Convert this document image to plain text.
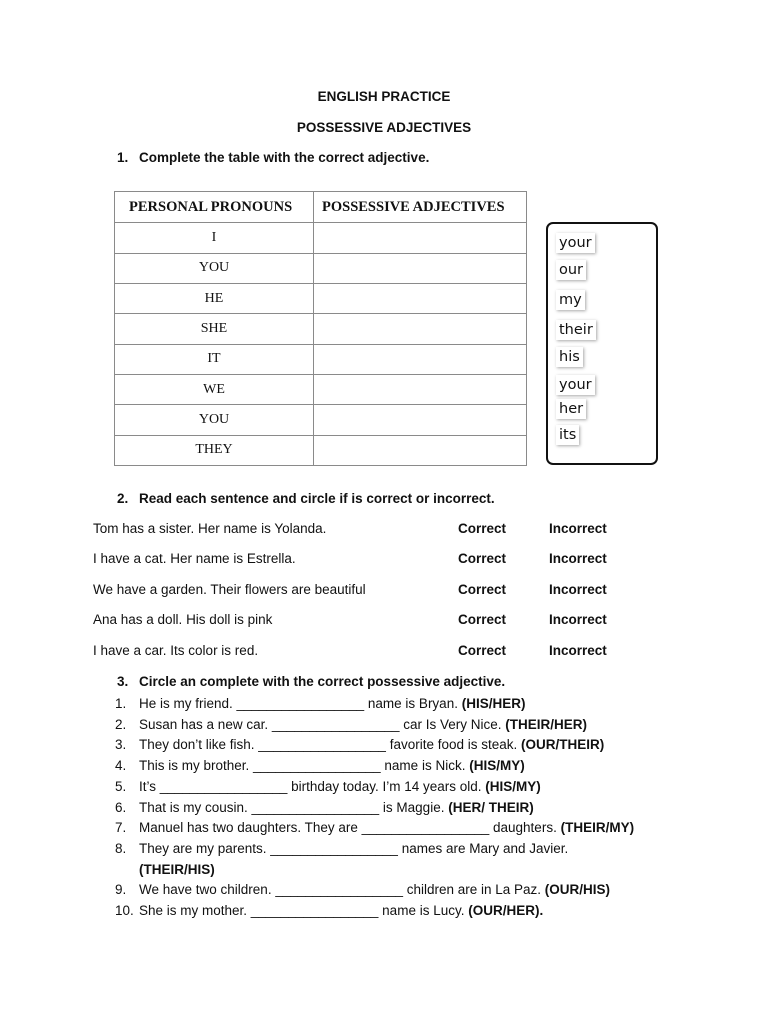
ENGLISH PRACTICE
POSSESSIVE ADJECTIVES
1. Complete the table with the correct adjective.
PERSONAL PRONOUNS	POSSESSIVE ADJECTIVES
I	
YOU	
HE	
SHE	
IT	
WE	
YOU	
THEY	
your
our
my
their
his
your
her
its
2. Read each sentence and circle if is correct or incorrect.
Tom has a sister. Her name is Yolanda.	Correct	Incorrect
I have a cat. Her name is Estrella.	Correct	Incorrect
We have a garden. Their flowers are beautiful	Correct	Incorrect
Ana has a doll. His doll is pink	Correct	Incorrect
I have a car. Its color is red.	Correct	Incorrect
3. Circle an complete with the correct possessive adjective.
1. He is my friend. _________________ name is Bryan. (HIS/HER)
2. Susan has a new car. _________________ car Is Very Nice. (THEIR/HER)
3. They don’t like fish. _________________ favorite food is steak. (OUR/THEIR)
4. This is my brother. _________________ name is Nick. (HIS/MY)
5. It’s _________________ birthday today. I’m 14 years old. (HIS/MY)
6. That is my cousin. _________________ is Maggie. (HER/ THEIR)
7. Manuel has two daughters. They are _________________ daughters. (THEIR/MY)
8. They are my parents. _________________ names are Mary and Javier.
(THEIR/HIS)
9. We have two children. _________________ children are in La Paz. (OUR/HIS)
10. She is my mother. _________________ name is Lucy. (OUR/HER).
